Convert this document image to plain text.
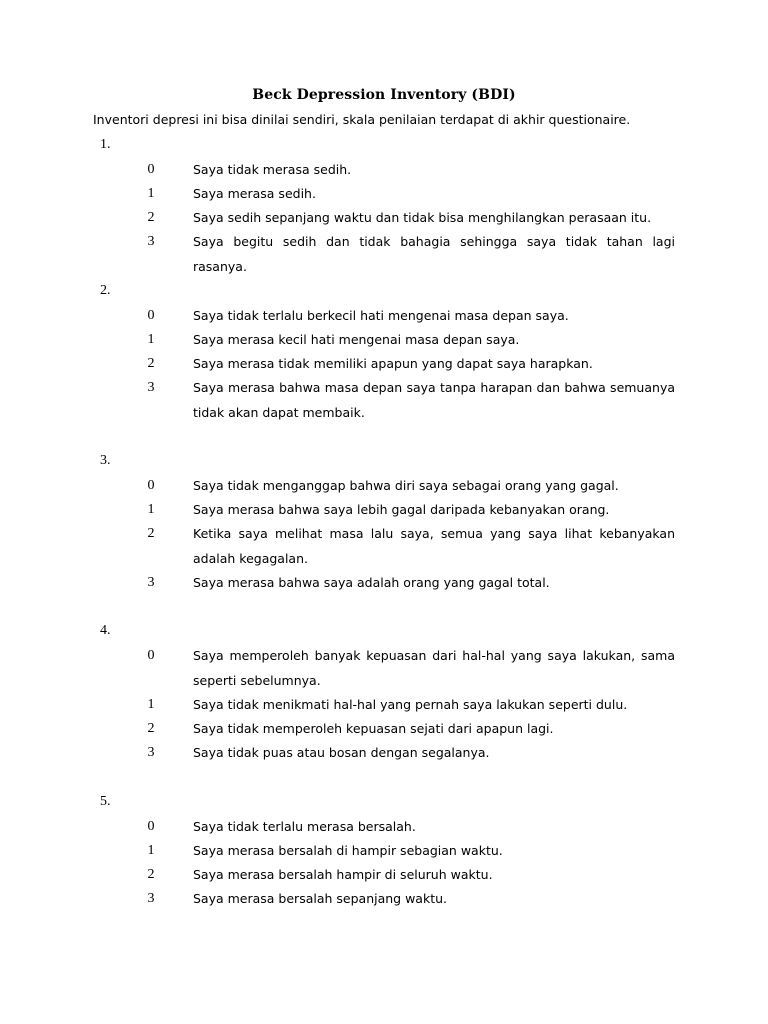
Beck Depression Inventory (BDI)
Inventori depresi ini bisa dinilai sendiri, skala penilaian terdapat di akhir questionaire.
1.
0	Saya tidak merasa sedih.
1	Saya merasa sedih.
2	Saya sedih sepanjang waktu dan tidak bisa menghilangkan perasaan itu.
3	Saya begitu sedih dan tidak bahagia sehingga saya tidak tahan lagi rasanya.
2.
0	Saya tidak terlalu berkecil hati mengenai masa depan saya.
1	Saya merasa kecil hati mengenai masa depan saya.
2	Saya merasa tidak memiliki apapun yang dapat saya harapkan.
3	Saya merasa bahwa masa depan saya tanpa harapan dan bahwa semuanya tidak akan dapat membaik.
3.
0	Saya tidak menganggap bahwa diri saya sebagai orang yang gagal.
1	Saya merasa bahwa saya lebih gagal daripada kebanyakan orang.
2	Ketika saya melihat masa lalu saya, semua yang saya lihat kebanyakan adalah kegagalan.
3	Saya merasa bahwa saya adalah orang yang gagal total.
4.
0	Saya memperoleh banyak kepuasan dari hal-hal yang saya lakukan, sama seperti sebelumnya.
1	Saya tidak menikmati hal-hal yang pernah saya lakukan seperti dulu.
2	Saya tidak memperoleh kepuasan sejati dari apapun lagi.
3	Saya tidak puas atau bosan dengan segalanya.
5.
0	Saya tidak terlalu merasa bersalah.
1	Saya merasa bersalah di hampir sebagian waktu.
2	Saya merasa bersalah hampir di seluruh waktu.
3	Saya merasa bersalah sepanjang waktu.
